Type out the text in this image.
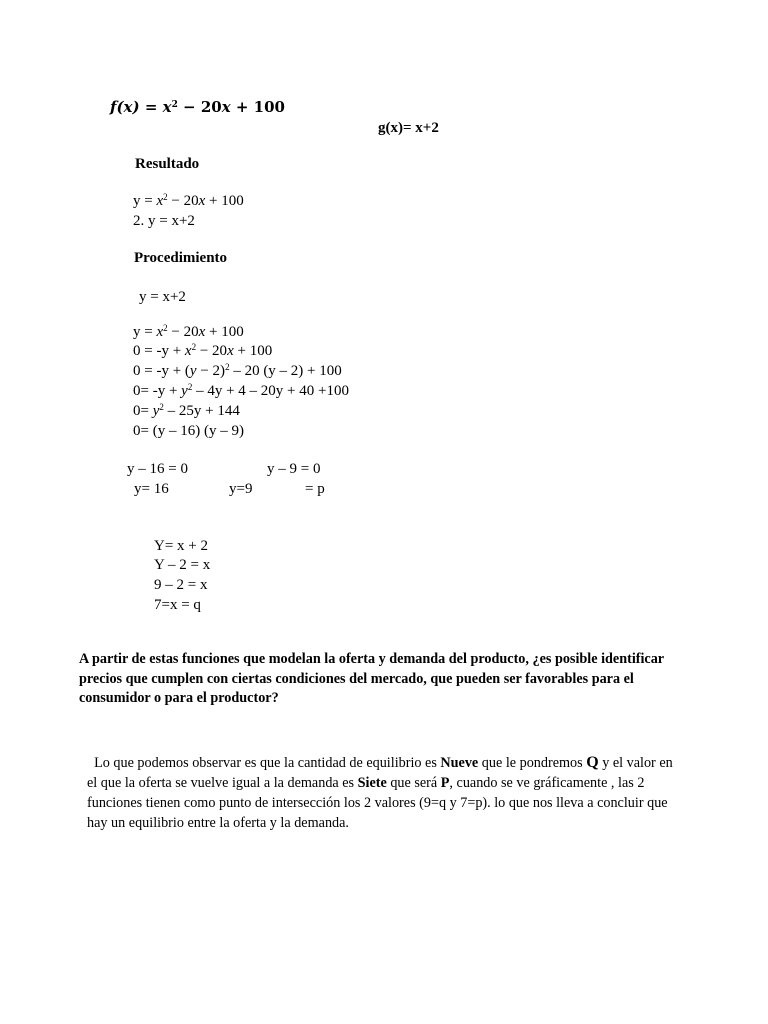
$f(x) = x^2 - 20x + 100$
g(x)= x+2
Resultado
$y = x^2 - 20x + 100$
2. y = x+2
Procedimiento
y = x+2
$y = x^2 - 20x + 100$
$0 = -y + x^2 - 20x + 100$
$0 = -y + (y - 2)^2 - 20$ (y – 2) + 100
$0= -y + y^2 - 4y + 4 - 20y + 40 +100$
$0= y^2 - 25y + 144$
0= (y – 16) (y – 9)
y – 16 = 0	y – 9 = 0
y= 16	y=9	= p
Y= x + 2
Y – 2 = x
9 – 2 = x
7=x = q
A partir de estas funciones que modelan la oferta y demanda del producto, ¿es posible identificar precios que cumplen con ciertas condiciones del mercado, que pueden ser favorables para el consumidor o para el productor?
Lo que podemos observar es que la cantidad de equilibrio es Nueve que le pondremos Q y el valor en el que la oferta se vuelve igual a la demanda es Siete que será P, cuando se ve gráficamente , las 2 funciones tienen como punto de intersección los 2 valores (9=q y 7=p). lo que nos lleva a concluir que hay un equilibrio entre la oferta y la demanda.
